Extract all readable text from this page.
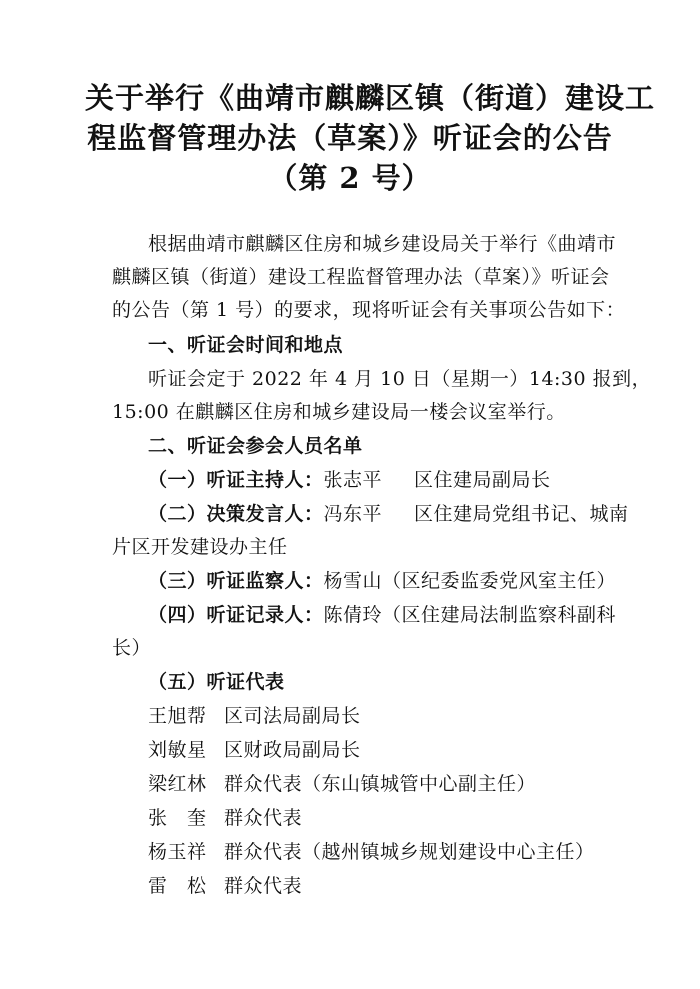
关于举行《曲靖市麒麟区镇（街道）建设工
程监督管理办法（草案）》听证会的公告
（第 2 号）
根据曲靖市麒麟区住房和城乡建设局关于举行《曲靖市
麒麟区镇（街道）建设工程监督管理办法（草案）》听证会
的公告（第 1 号）的要求，现将听证会有关事项公告如下：
一、听证会时间和地点
听证会定于 2022 年 4 月 10 日（星期一）14:30 报到，
15:00 在麒麟区住房和城乡建设局一楼会议室举行。
二、听证会参会人员名单
（一）听证主持人：张志平 区住建局副局长
（二）决策发言人：冯东平 区住建局党组书记、城南
片区开发建设办主任
（三）听证监察人：杨雪山（区纪委监委党风室主任）
（四）听证记录人：陈倩玲（区住建局法制监察科副科
长）
（五）听证代表
王旭帮 区司法局副局长
刘敏星 区财政局副局长
梁红林 群众代表（东山镇城管中心副主任）
张　奎 群众代表
杨玉祥 群众代表（越州镇城乡规划建设中心主任）
雷　松 群众代表
